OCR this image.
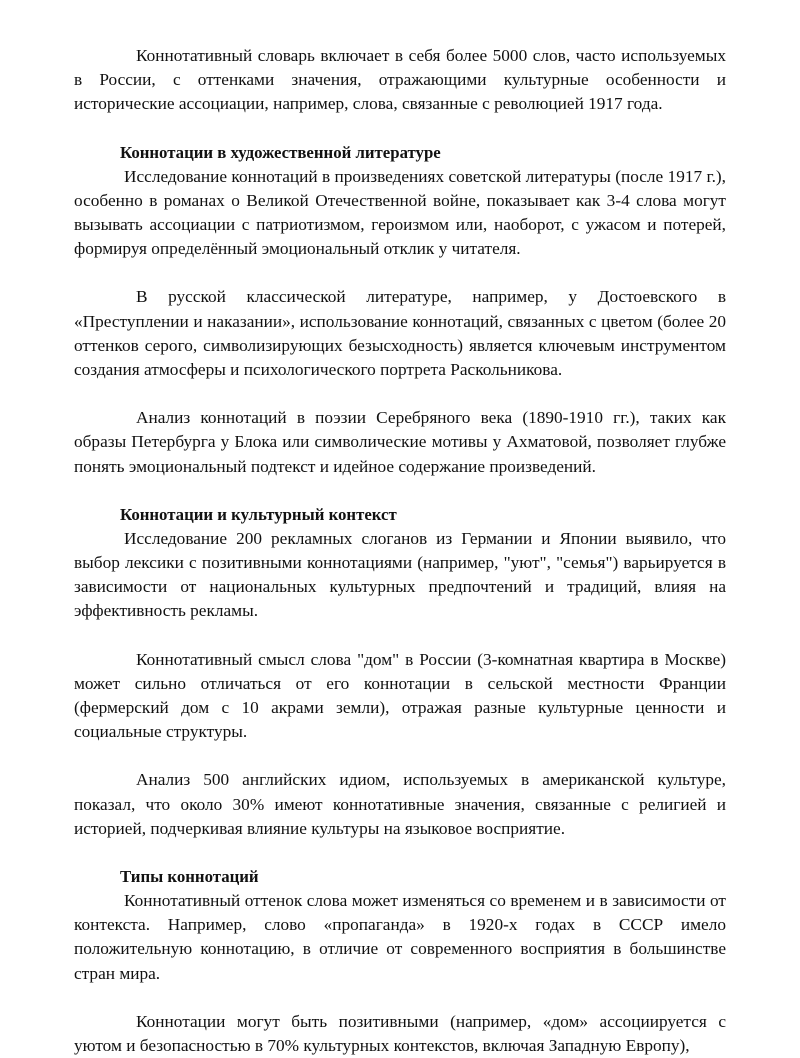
Коннотативный словарь включает в себя более 5000 слов, часто используемых в России, с оттенками значения, отражающими культурные особенности и исторические ассоциации, например, слова, связанные с революцией 1917 года.

Коннотации в художественной литературе

Исследование коннотаций в произведениях советской литературы (после 1917 г.), особенно в романах о Великой Отечественной войне, показывает как 3-4 слова могут вызывать ассоциации с патриотизмом, героизмом или, наоборот, с ужасом и потерей, формируя определённый эмоциональный отклик у читателя.

В русской классической литературе, например, у Достоевского в «Преступлении и наказании», использование коннотаций, связанных с цветом (более 20 оттенков серого, символизирующих безысходность) является ключевым инструментом создания атмосферы и психологического портрета Раскольникова.

Анализ коннотаций в поэзии Серебряного века (1890-1910 гг.), таких как образы Петербурга у Блока или символические мотивы у Ахматовой, позволяет глубже понять эмоциональный подтекст и идейное содержание произведений.

Коннотации и культурный контекст

Исследование 200 рекламных слоганов из Германии и Японии выявило, что выбор лексики с позитивными коннотациями (например, "уют", "семья") варьируется в зависимости от национальных культурных предпочтений и традиций, влияя на эффективность рекламы.

Коннотативный смысл слова "дом" в России (3-комнатная квартира в Москве) может сильно отличаться от его коннотации в сельской местности Франции (фермерский дом с 10 акрами земли), отражая разные культурные ценности и социальные структуры.

Анализ 500 английских идиом, используемых в американской культуре, показал, что около 30% имеют коннотативные значения, связанные с религией и историей, подчеркивая влияние культуры на языковое восприятие.

Типы коннотаций

Коннотативный оттенок слова может изменяться со временем и в зависимости от контекста. Например, слово «пропаганда» в 1920-х годах в СССР имело положительную коннотацию, в отличие от современного восприятия в большинстве стран мира.

Коннотации могут быть позитивными (например, «дом» ассоциируется с уютом и безопасностью в 70% культурных контекстов, включая Западную Европу),
